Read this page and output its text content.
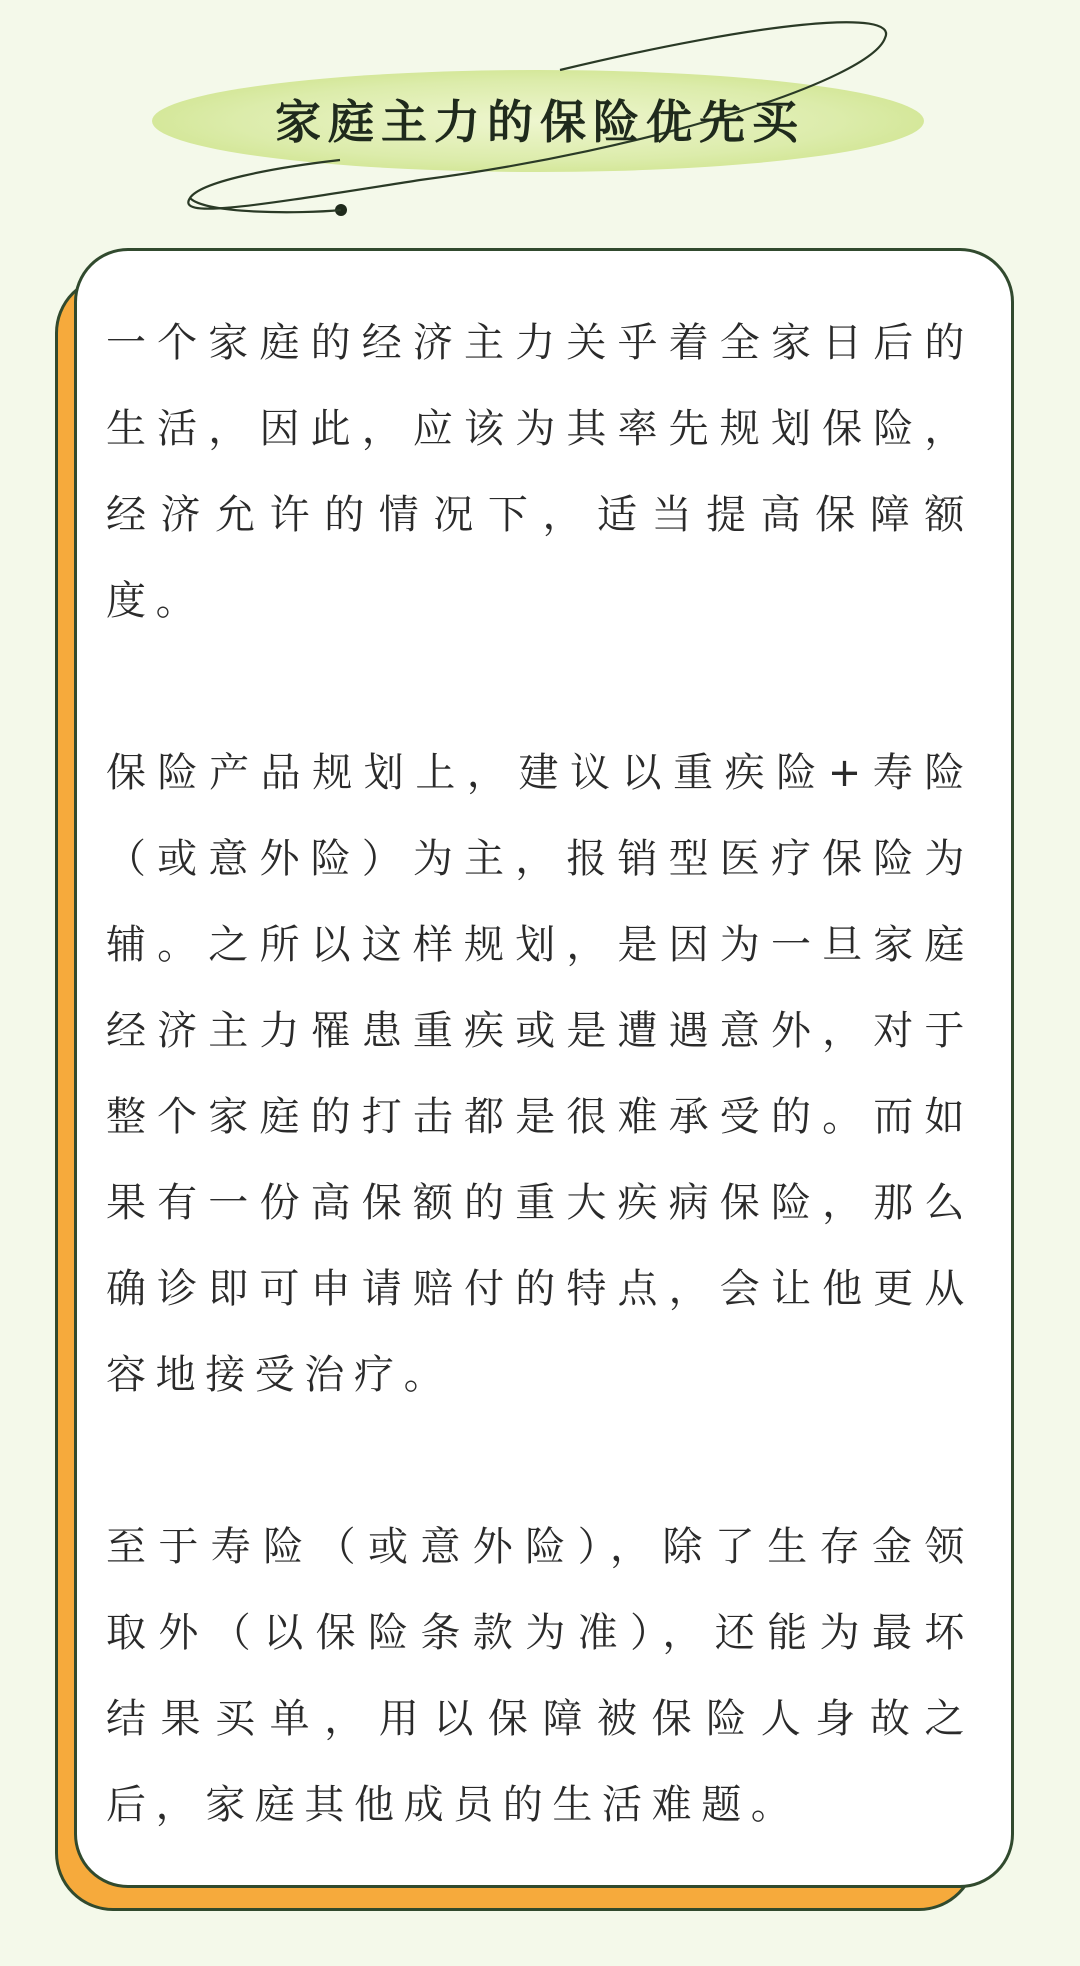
家庭主力的保险优先买

一个家庭的经济主力关乎着全家日后的生活，因此，应该为其率先规划保险，经济允许的情况下，适当提高保障额度。

保险产品规划上，建议以重疾险+寿险（或意外险）为主，报销型医疗保险为辅。之所以这样规划，是因为一旦家庭经济主力罹患重疾或是遭遇意外，对于整个家庭的打击都是很难承受的。而如果有一份高保额的重大疾病保险，那么确诊即可申请赔付的特点，会让他更从容地接受治疗。

至于寿险（或意外险），除了生存金领取外（以保险条款为准），还能为最坏结果买单，用以保障被保险人身故之后，家庭其他成员的生活难题。
